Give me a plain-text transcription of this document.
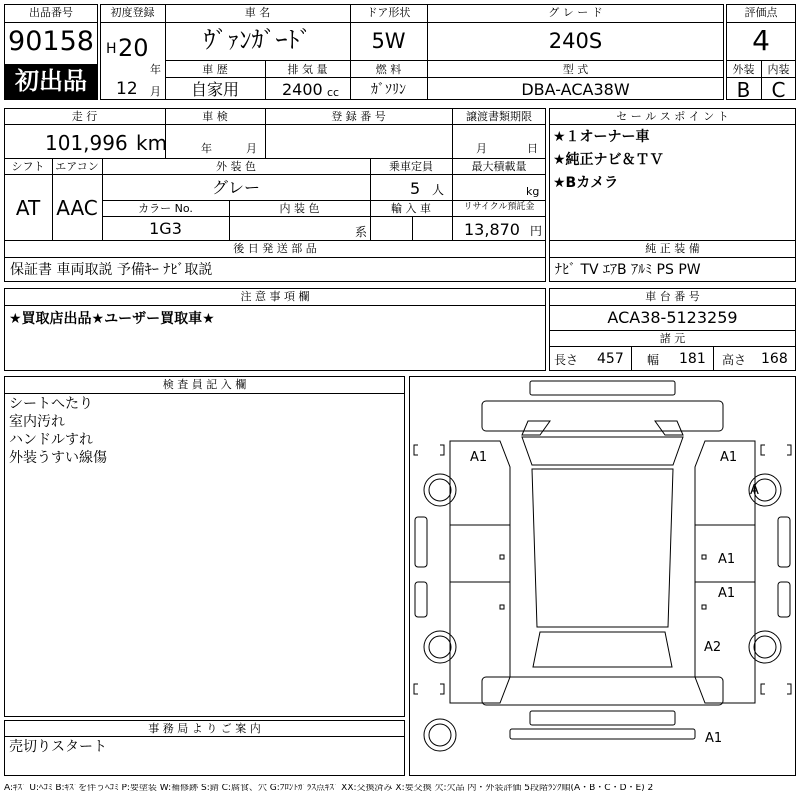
出品番号
90158
初出品
初度登録
H 20
年
12 月
車 名
ｳﾞｧﾝｶﾞｰﾄﾞ
ドア形状
5W
グ レ ー ド
240S
車 歴
自家用
排 気 量
2400 cc
燃 料
ｶﾞｿﾘﾝ
型 式
DBA-ACA38W
評価点
4
外装	内装
B	C
走 行
101,996 km
車 検
年	月
登 録 番 号	譲渡書類期限
月	日
シフト
AT
エアコン
AAC
外 装 色
グレー
乗車定員
5 人
最大積載量
kg
カラー No.
1G3
内 装 色
系
輸 入 車	リサイクル預託金
13,870 円
後 日 発 送 部 品
保証書 車両取説 予備ｷｰ ﾅﾋﾞ取説
セ ー ル ス ポ イ ン ト
★１オーナー車
★純正ナビ＆ＴＶ
★Bカメラ
純 正 装 備
ﾅﾋﾞ TV ｴｱB ｱﾙﾐ PS PW
注 意 事 項 欄
★買取店出品★ユーザー買取車★
車 台 番 号
ACA38-5123259
諸 元
長さ 457 幅 181 高さ 168
検 査 員 記 入 欄
シートへたり
室内汚れ
ハンドルすれ
外装うすい線傷
事 務 局 よ り ご 案 内
売切りスタート
A1	A1
A
A1
A1
A2
A1
A:ｷｽﾞ U:ﾍｺﾐ B:ｷｽﾞを伴うﾍｺﾐ P:要塗装 W:補修跡 S:錆 C:腐食、穴 G:ﾌﾛﾝﾄｶﾞﾗｽ点ｷｽﾞ XX:交換済み X:要交換 欠:欠品 内・外装評価 5段階ﾗﾝｸ順(A・B・C・D・E) 2
